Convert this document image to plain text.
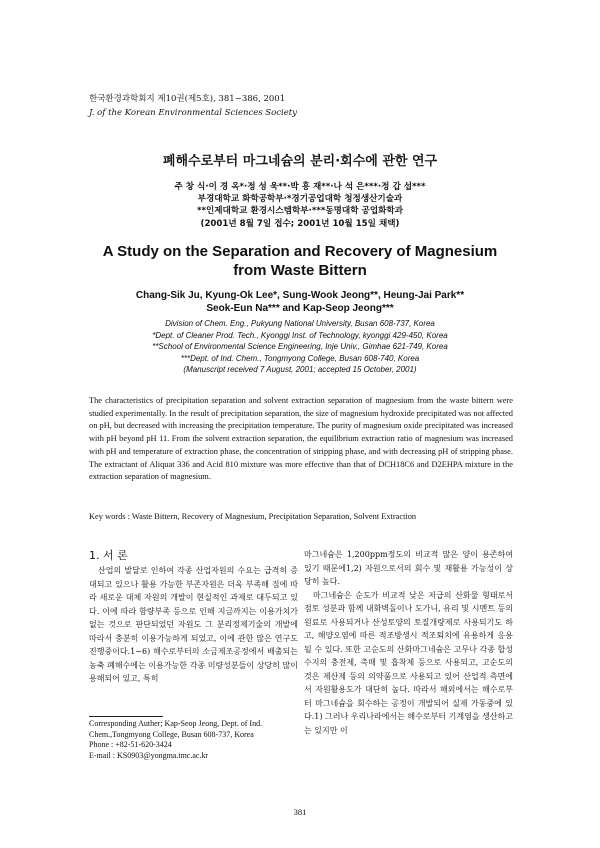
한국환경과학회지 제10권(제5호), 381~386, 2001
J. of the Korean Environmental Sciences Society
폐해수로부터 마그네슘의 분리·회수에 관한 연구
주 창 식·이 경 옥*·정 성 욱**·박 흥 재**·나 석 은***·정 갑 섭***
부경대학교 화학공학부·*경기공업대학 청정생산기술과
**인제대학교 환경시스템학부·***동명대학 공업화학과
(2001년 8월 7일 접수; 2001년 10월 15일 채택)
A Study on the Separation and Recovery of Magnesium
from Waste Bittern
Chang-Sik Ju, Kyung-Ok Lee*, Sung-Wook Jeong**, Heung-Jai Park**
Seok-Eun Na*** and Kap-Seop Jeong***
Division of Chem. Eng., Pukyung National University, Busan 608-737, Korea
*Dept. of Cleaner Prod. Tech., Kyonggi Inst. of Technology, kyonggi 429-450, Korea
**School of Environmental Science Engineering, Inje Univ., Gimhae 621-749, Korea
***Dept. of Ind. Chem., Tongmyong College, Busan 608-740, Korea
(Manuscript received 7 August, 2001; accepted 15 October, 2001)
The characteristics of precipitation separation and solvent extraction separation of magnesium from the waste bittern were studied experimentally. In the result of precipitation separation, the size of magnesium hydroxide precipitated was not affected on pH, but decreased with increasing the precipitation temperature. The purity of magnesium oxide precipitated was increased with pH beyond pH 11. From the solvent extraction separation, the equilibrium extraction ratio of magnesium was increased with pH and temperature of extraction phase, the concentration of stripping phase, and with decreasing pH of stripping phase. The extractant of Aliquat 336 and Acid 810 mixture was more effective than that of DCH18C6 and D2EHPA mixture in the extraction separation of magnesium.
Key words : Waste Bittern, Recovery of Magnesium, Precipitation Separation, Solvent Extraction
1. 서 론

산업의 발달로 인하여 각종 산업자원의 수요는 급격히 증대되고 있으나 활용 가능한 부존자원은 더욱 부족해 짐에 따라 새로운 대체 자원의 개발이 현실적인 과제로 대두되고 있다. 이에 따라 함량부족 등으로 인해 지금까지는 이용가치가 없는 것으로 판단되었던 자원도 그 분리정제기술의 개발에 따라서 충분히 이용가능하게 되었고, 이에 관한 많은 연구도 진행중이다.1~6) 해수로부터의 소금제조공정에서 배출되는 농축 폐해수에는 이용가능한 각종 미량성분들이 상당히 많이 용해되어 있고, 특히

마그네슘은 1,200ppm정도의 비교적 많은 양이 용존하여 있기 때문에1,2) 자원으로서의 회수 및 재활용 가능성이 상당히 높다.

마그네슘은 순도가 비교적 낮은 저급의 산화물 형태로서 점토 성분과 함께 내화벽돌이나 도가니, 유리 및 시멘트 등의 원료로 사용되거나 산성토양의 토질개량제로 사용되기도 하고, 해양오염에 따른 적조방생시 적조퇴치에 유용하게 응용될 수 있다. 또한 고순도의 산화마그네슘은 고무나 각종 합성수지의 충전제, 촉매 및 흡착제 등으로 사용되고, 고순도의 것은 제산제 등의 의약품으로 사용되고 있어 산업적 측면에서 자원활용도가 대단히 높다. 따라서 해외에서는 해수로부터 마그네슘을 회수하는 공정이 개발되어 실제 가동중에 있다.1) 그러나 우리나라에서는 해수로부터 기계염을 생산하고는 있지만 이

Corresponding Auther; Kap-Seop Jeong, Dept. of Ind.
Chem.,Tongmyong College, Busan 608-737, Korea
Phone : +82-51-620-3424
E-mail : KS0903@yongma.tmc.ac.kr
381
